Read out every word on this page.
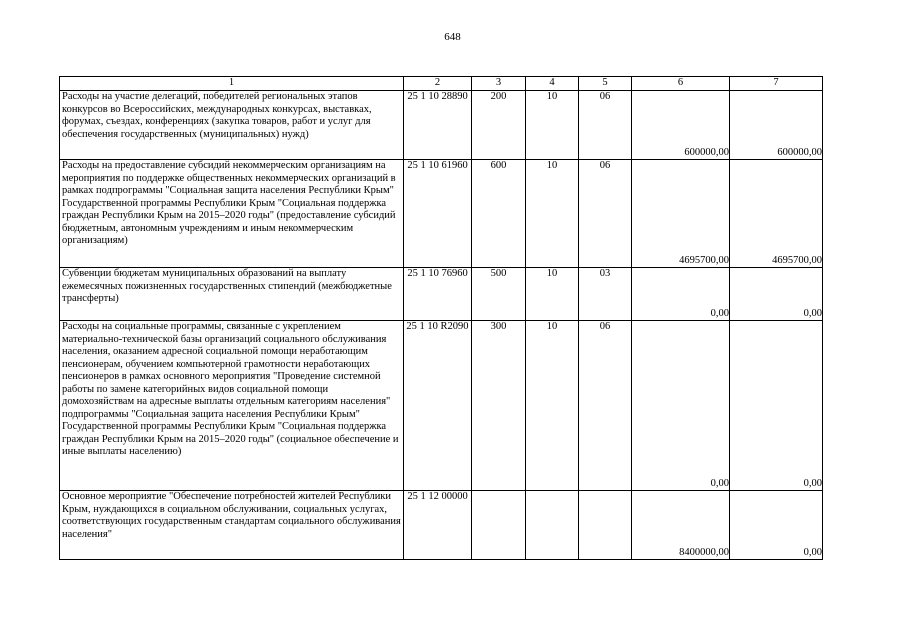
648
1	2	3	4	5	6	7
Расходы на участие делегаций, победителей региональных этапов конкурсов во Всероссийских, международных конкурсах, выставках, форумах, съездах, конференциях (закупка товаров, работ и услуг для обеспечения государственных (муниципальных) нужд)	25 1 10 28890	200	10	06	600000,00	600000,00
Расходы на предоставление субсидий некоммерческим организациям на мероприятия по поддержке общественных некоммерческих организаций в рамках подпрограммы "Социальная защита населения Республики Крым" Государственной программы Республики Крым "Социальная поддержка граждан Республики Крым на 2015–2020 годы" (предоставление субсидий бюджетным, автономным учреждениям и иным некоммерческим организациям)	25 1 10 61960	600	10	06	4695700,00	4695700,00
Субвенции бюджетам муниципальных образований на выплату ежемесячных пожизненных государственных стипендий (межбюджетные трансферты)	25 1 10 76960	500	10	03	0,00	0,00
Расходы на социальные программы, связанные с укреплением материально-технической базы организаций социального обслуживания населения, оказанием адресной социальной помощи неработающим пенсионерам, обучением компьютерной грамотности неработающих пенсионеров в рамках основного мероприятия "Проведение системной работы по замене категорийных видов социальной помощи домохозяйствам на адресные выплаты отдельным категориям населения" подпрограммы "Социальная защита населения Республики Крым" Государственной программы Республики Крым "Социальная поддержка граждан Республики Крым на 2015–2020 годы" (социальное обеспечение и иные выплаты населению)	25 1 10 R2090	300	10	06	0,00	0,00
Основное мероприятие "Обеспечение потребностей жителей Республики Крым, нуждающихся в социальном обслуживании, социальных услугах, соответствующих государственным стандартам социального обслуживания населения"	25 1 12 00000				8400000,00	0,00
